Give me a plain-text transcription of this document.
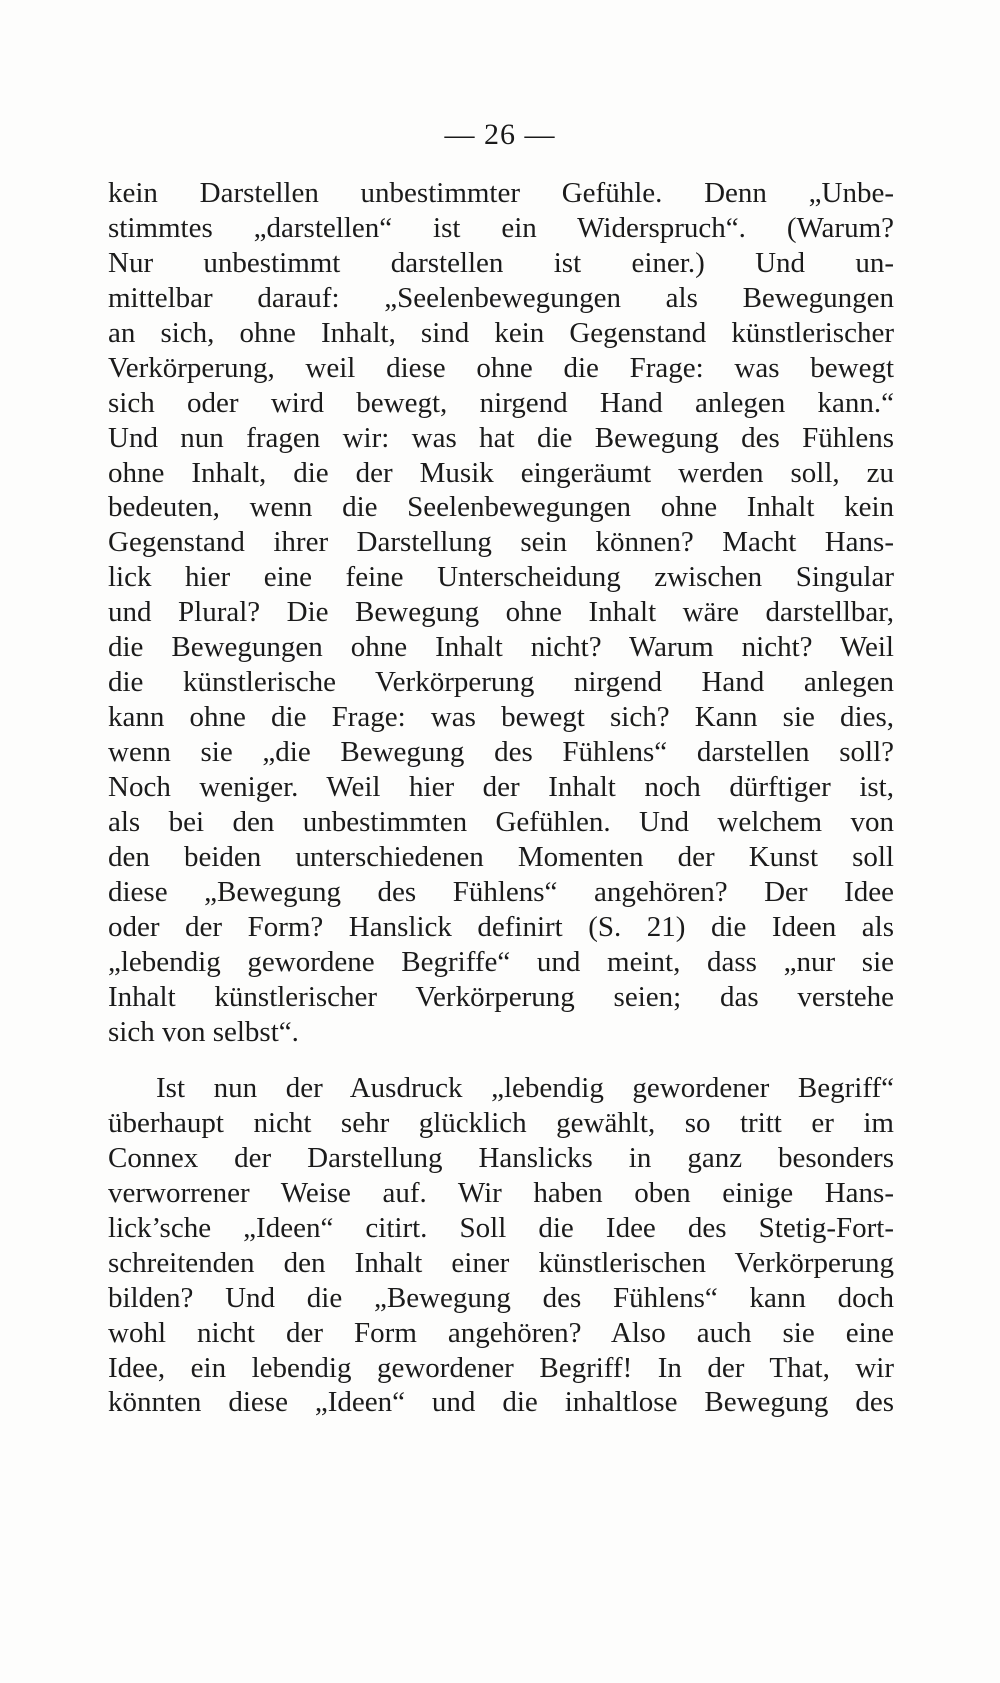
— 26 —
kein Darstellen unbestimmter Gefühle. Denn „Unbe-
stimmtes „darstellen“ ist ein Widerspruch“. (Warum?
Nur unbestimmt darstellen ist einer.) Und un-
mittelbar darauf: „Seelenbewegungen als Bewegungen
an sich, ohne Inhalt, sind kein Gegenstand künstlerischer
Verkörperung, weil diese ohne die Frage: was bewegt
sich oder wird bewegt, nirgend Hand anlegen kann.“
Und nun fragen wir: was hat die Bewegung des Fühlens
ohne Inhalt, die der Musik eingeräumt werden soll, zu
bedeuten, wenn die Seelenbewegungen ohne Inhalt kein
Gegenstand ihrer Darstellung sein können? Macht Hans-
lick hier eine feine Unterscheidung zwischen Singular
und Plural? Die Bewegung ohne Inhalt wäre darstellbar,
die Bewegungen ohne Inhalt nicht? Warum nicht? Weil
die künstlerische Verkörperung nirgend Hand anlegen
kann ohne die Frage: was bewegt sich? Kann sie dies,
wenn sie „die Bewegung des Fühlens“ darstellen soll?
Noch weniger. Weil hier der Inhalt noch dürftiger ist,
als bei den unbestimmten Gefühlen. Und welchem von
den beiden unterschiedenen Momenten der Kunst soll
diese „Bewegung des Fühlens“ angehören? Der Idee
oder der Form? Hanslick definirt (S. 21) die Ideen als
„lebendig gewordene Begriffe“ und meint, dass „nur sie
Inhalt künstlerischer Verkörperung seien; das verstehe
sich von selbst“.
Ist nun der Ausdruck „lebendig gewordener Begriff“
überhaupt nicht sehr glücklich gewählt, so tritt er im
Connex der Darstellung Hanslicks in ganz besonders
verworrener Weise auf. Wir haben oben einige Hans-
lick’sche „Ideen“ citirt. Soll die Idee des Stetig-Fort-
schreitenden den Inhalt einer künstlerischen Verkörperung
bilden? Und die „Bewegung des Fühlens“ kann doch
wohl nicht der Form angehören? Also auch sie eine
Idee, ein lebendig gewordener Begriff! In der That, wir
könnten diese „Ideen“ und die inhaltlose Bewegung des
